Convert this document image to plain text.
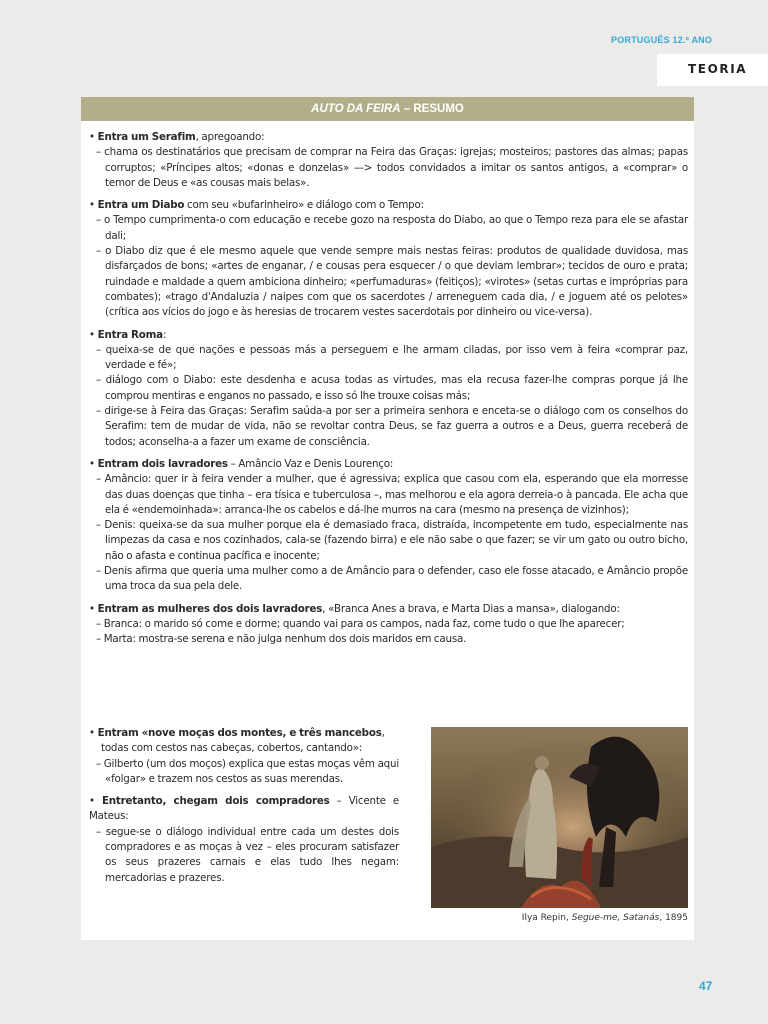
PORTUGUÊS 12.º ANO
TEORIA
AUTO DA FEIRA – RESUMO
• Entra um Serafim, apregoando:
– chama os destinatários que precisam de comprar na Feira das Graças: igrejas; mosteiros; pastores das almas; papas corruptos; «Príncipes altos; «donas e donzelas» —> todos convidados a imitar os santos antigos, a «comprar» o temor de Deus e «as cousas mais belas».
• Entra um Diabo com seu «bufarinheiro» e diálogo com o Tempo:
– o Tempo cumprimenta-o com educação e recebe gozo na resposta do Diabo, ao que o Tempo reza para ele se afastar dali;
– o Diabo diz que é ele mesmo aquele que vende sempre mais nestas feiras: produtos de qualidade duvidosa, mas disfarçados de bons; «artes de enganar, / e cousas pera esquecer / o que deviam lembrar»; tecidos de ouro e prata; ruindade e maldade a quem ambiciona dinheiro; «perfumaduras» (feitiços); «virotes» (setas curtas e impróprias para combates); «trago d'Andaluzia / naipes com que os sacerdotes / arreneguem cada dia, / e joguem até os pelotes» (crítica aos vícios do jogo e às heresias de trocarem vestes sacerdotais por dinheiro ou vice-versa).
• Entra Roma:
– queixa-se de que nações e pessoas más a perseguem e lhe armam ciladas, por isso vem à feira «comprar paz, verdade e fé»;
– diálogo com o Diabo: este desdenha e acusa todas as virtudes, mas ela recusa fazer-lhe compras porque já lhe comprou mentiras e enganos no passado, e isso só lhe trouxe coisas más;
– dirige-se à Feira das Graças: Serafim saúda-a por ser a primeira senhora e enceta-se o diálogo com os conselhos do Serafim: tem de mudar de vida, não se revoltar contra Deus, se faz guerra a outros e a Deus, guerra receberá de todos; aconselha-a a fazer um exame de consciência.
• Entram dois lavradores – Amâncio Vaz e Denis Lourenço:
– Amâncio: quer ir à feira vender a mulher, que é agressiva; explica que casou com ela, esperando que ela morresse das duas doenças que tinha – era tísica e tuberculosa –, mas melhorou e ela agora derreia-o à pancada. Ele acha que ela é «endemoinhada»: arranca-lhe os cabelos e dá-lhe murros na cara (mesmo na presença de vizinhos);
– Denis: queixa-se da sua mulher porque ela é demasiado fraca, distraída, incompetente em tudo, especialmente nas limpezas da casa e nos cozinhados, cala-se (fazendo birra) e ele não sabe o que fazer; se vir um gato ou outro bicho, não o afasta e continua pacífica e inocente;
– Denis afirma que queria uma mulher como a de Amâncio para o defender, caso ele fosse atacado, e Amâncio propõe uma troca da sua pela dele.
• Entram as mulheres dos dois lavradores, «Branca Anes a brava, e Marta Dias a mansa», dialogando:
– Branca: o marido só come e dorme; quando vai para os campos, nada faz, come tudo o que lhe aparecer;
– Marta: mostra-se serena e não julga nenhum dos dois maridos em causa.
• Entram «nove moças dos montes, e três mancebos,
todas com cestos nas cabeças, cobertos, cantando»:
– Gilberto (um dos moços) explica que estas moças vêm aqui «folgar» e trazem nos cestos as suas merendas.
• Entretanto, chegam dois compradores – Vicente e Mateus:
– segue-se o diálogo individual entre cada um destes dois compradores e as moças à vez – eles procuram satisfazer os seus prazeres carnais e elas tudo lhes negam: mercadorias e prazeres.
Ilya Repin, Segue-me, Satanás, 1895
47
